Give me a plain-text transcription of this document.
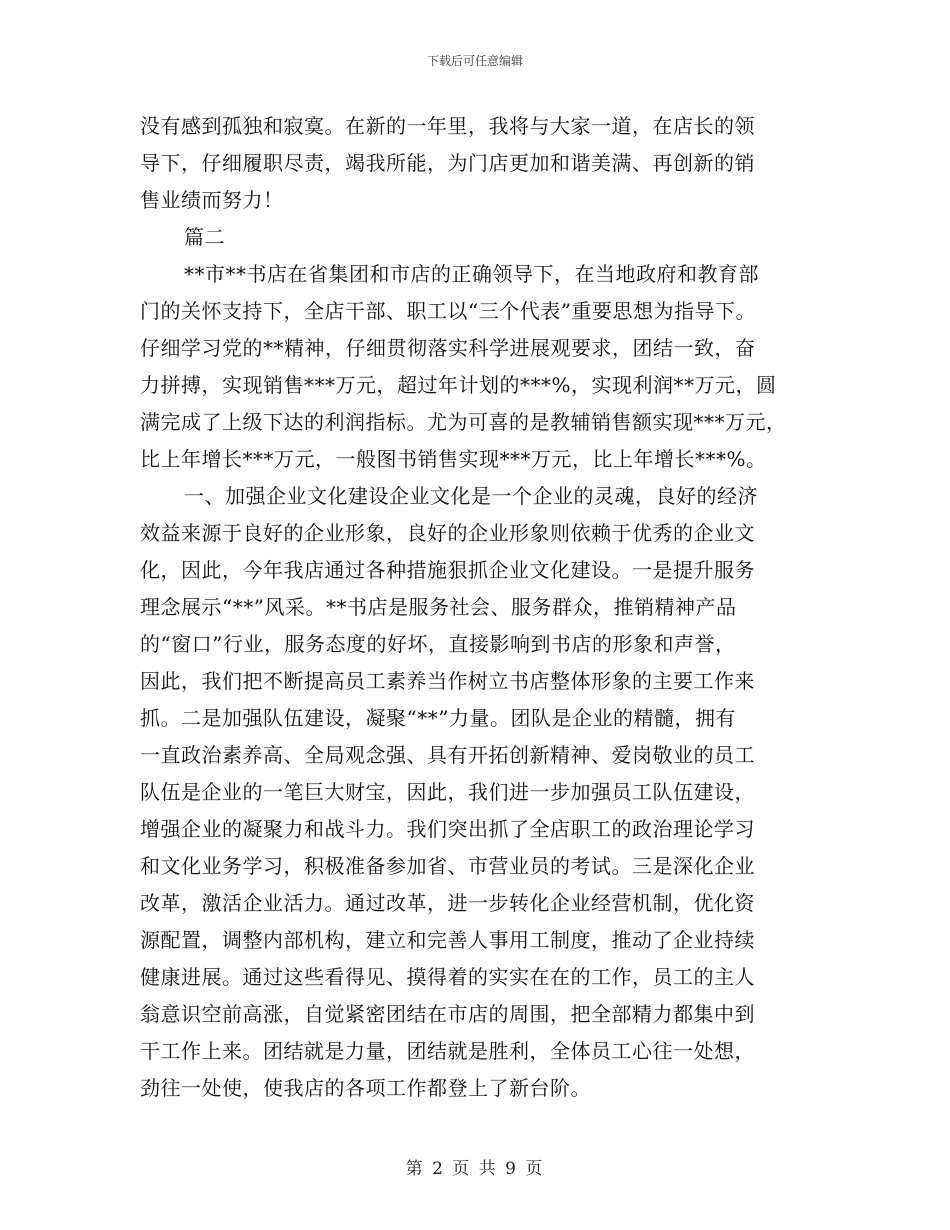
下载后可任意编辑
没有感到孤独和寂寞。在新的一年里，我将与大家一道，在店长的领
导下，仔细履职尽责，竭我所能，为门店更加和谐美满、再创新的销
售业绩而努力！
篇二
**市**书店在省集团和市店的正确领导下，在当地政府和教育部
门的关怀支持下，全店干部、职工以“三个代表”重要思想为指导下。
仔细学习党的**精神，仔细贯彻落实科学进展观要求，团结一致，奋
力拼搏，实现销售***万元，超过年计划的***%，实现利润**万元，圆
满完成了上级下达的利润指标。尤为可喜的是教辅销售额实现***万元，
比上年增长***万元，一般图书销售实现***万元，比上年增长***%。
一、加强企业文化建设企业文化是一个企业的灵魂，良好的经济
效益来源于良好的企业形象，良好的企业形象则依赖于优秀的企业文
化，因此，今年我店通过各种措施狠抓企业文化建设。一是提升服务
理念展示“**”风采。**书店是服务社会、服务群众，推销精神产品
的“窗口”行业，服务态度的好坏，直接影响到书店的形象和声誉，
因此，我们把不断提高员工素养当作树立书店整体形象的主要工作来
抓。二是加强队伍建设，凝聚“**”力量。团队是企业的精髓，拥有
一直政治素养高、全局观念强、具有开拓创新精神、爱岗敬业的员工
队伍是企业的一笔巨大财宝，因此，我们进一步加强员工队伍建设，
增强企业的凝聚力和战斗力。我们突出抓了全店职工的政治理论学习
和文化业务学习，积极准备参加省、市营业员的考试。三是深化企业
改革，激活企业活力。通过改革，进一步转化企业经营机制，优化资
源配置，调整内部机构，建立和完善人事用工制度，推动了企业持续
健康进展。通过这些看得见、摸得着的实实在在的工作，员工的主人
翁意识空前高涨，自觉紧密团结在市店的周围，把全部精力都集中到
干工作上来。团结就是力量，团结就是胜利，全体员工心往一处想，
劲往一处使，使我店的各项工作都登上了新台阶。
第 2 页 共 9 页
